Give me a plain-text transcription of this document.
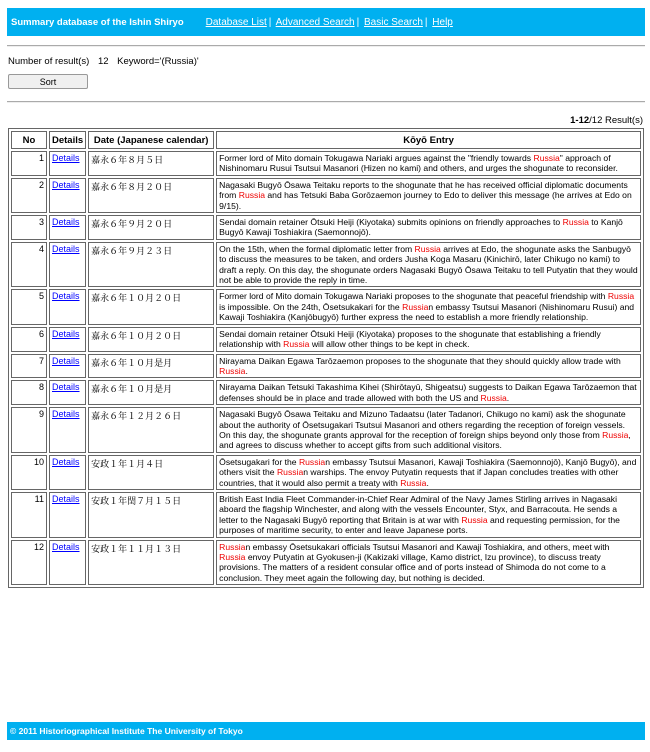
Summary database of the Ishin Shiryo Database List | Advanced Search | Basic Search | Help
Number of result(s) 12 Keyword='(Russia)'
Sort
1-12/12 Result(s)
No	Details	Date (Japanese calendar)	Kōyō Entry
1	Details	嘉永６年８月５日	Former lord of Mito domain Tokugawa Nariaki argues against the "friendly towards Russia" approach of Nishinomaru Rusui Tsutsui Masanori (Hizen no kami) and others, and urges the shogunate to reconsider.
2	Details	嘉永６年８月２０日	Nagasaki Bugyō Ōsawa Teitaku reports to the shogunate that he has received official diplomatic documents from Russia and has Tetsuki Baba Gorōzaemon journey to Edo to deliver this message (he arrives at Edo on 9/15).
3	Details	嘉永６年９月２０日	Sendai domain retainer Ōtsuki Heiji (Kiyotaka) submits opinions on friendly approaches to Russia to Kanjō Bugyō Kawaji Toshiakira (Saemonnojō).
4	Details	嘉永６年９月２３日	On the 15th, when the formal diplomatic letter from Russia arrives at Edo, the shogunate asks the Sanbugyō to discuss the measures to be taken, and orders Jusha Koga Masaru (Kinichirō, later Chikugo no kami) to draft a reply. On this day, the shogunate orders Nagasaki Bugyō Ōsawa Teitaku to tell Putyatin that they would not be able to provide the reply in time.
5	Details	嘉永６年１０月２０日	Former lord of Mito domain Tokugawa Nariaki proposes to the shogunate that peaceful friendship with Russia is impossible. On the 24th, Ōsetsukakari for the Russian embassy Tsutsui Masanori (Nishinomaru Rusui) and Kawaji Toshiakira (Kanjōbugyō) further express the need to establish a more friendly relationship.
6	Details	嘉永６年１０月２０日	Sendai domain retainer Ōtsuki Heiji (Kiyotaka) proposes to the shogunate that establishing a friendly relationship with Russia will allow other things to be kept in check.
7	Details	嘉永６年１０月是月	Nirayama Daikan Egawa Tarōzaemon proposes to the shogunate that they should quickly allow trade with Russia.
8	Details	嘉永６年１０月是月	Nirayama Daikan Tetsuki Takashima Kihei (Shirōtayū, Shigeatsu) suggests to Daikan Egawa Tarōzaemon that defenses should be in place and trade allowed with both the US and Russia.
9	Details	嘉永６年１２月２６日	Nagasaki Bugyō Ōsawa Teitaku and Mizuno Tadaatsu (later Tadanori, Chikugo no kami) ask the shogunate about the authority of Ōsetsugakari Tsutsui Masanori and others regarding the reception of foreign vessels. On this day, the shogunate grants approval for the reception of foreign ships beyond only those from Russia, and agrees to discuss whether to accept gifts from such additional visitors.
10	Details	安政１年１月４日	Ōsetsugakari for the Russian embassy Tsutsui Masanori, Kawaji Toshiakira (Saemonnojō), Kanjō Bugyō), and others visit the Russian warships. The envoy Putyatin requests that if Japan concludes treaties with other countries, that it would also permit a treaty with Russia.
11	Details	安政１年閏７月１５日	British East India Fleet Commander-in-Chief Rear Admiral of the Navy James Stirling arrives in Nagasaki aboard the flagship Winchester, and along with the vessels Encounter, Styx, and Barracouta. He sends a letter to the Nagasaki Bugyō reporting that Britain is at war with Russia and requesting permission, for the purposes of maritime security, to enter and leave Japanese ports.
12	Details	安政１年１１月１３日	Russian embassy Ōsetsukakari officials Tsutsui Masanori and Kawaji Toshiakira, and others, meet with Russia envoy Putyatin at Gyokusen-ji (Kakizaki village, Kamo district, Izu province), to discuss treaty provisions. The matters of a resident consular office and of ports instead of Shimoda do not come to a conclusion. They meet again the following day, but nothing is decided.
© 2011 Historiographical Institute The University of Tokyo
